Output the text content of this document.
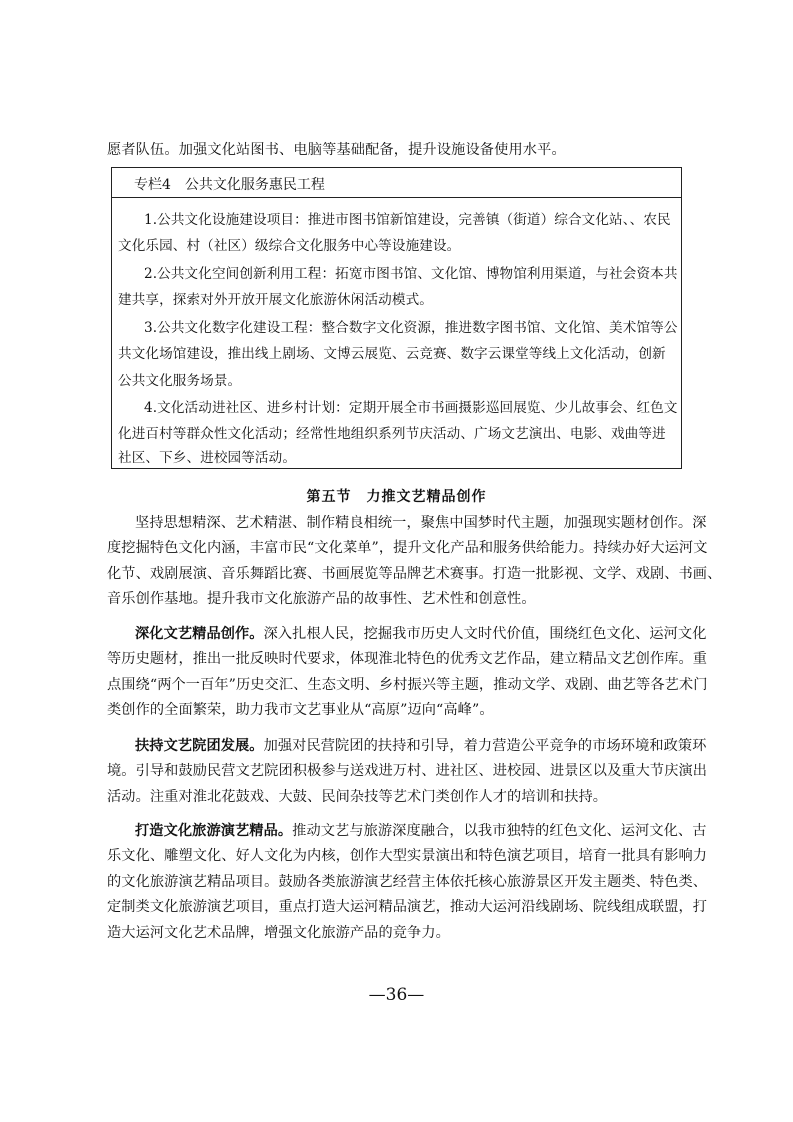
愿者队伍。加强文化站图书、电脑等基础配备，提升设施设备使用水平。
专栏4　公共文化服务惠民工程
1.公共文化设施建设项目：推进市图书馆新馆建设，完善镇（街道）综合文化站、、农民
文化乐园、村（社区）级综合文化服务中心等设施建设。
2.公共文化空间创新利用工程：拓宽市图书馆、文化馆、博物馆利用渠道，与社会资本共
建共享，探索对外开放开展文化旅游休闲活动模式。
3.公共文化数字化建设工程：整合数字文化资源，推进数字图书馆、文化馆、美术馆等公
共文化场馆建设，推出线上剧场、文博云展览、云竞赛、数字云课堂等线上文化活动，创新
公共文化服务场景。
4.文化活动进社区、进乡村计划：定期开展全市书画摄影巡回展览、少儿故事会、红色文
化进百村等群众性文化活动；经常性地组织系列节庆活动、广场文艺演出、电影、戏曲等进
社区、下乡、进校园等活动。
第五节　力推文艺精品创作
坚持思想精深、艺术精湛、制作精良相统一，聚焦中国梦时代主题，加强现实题材创作。深
度挖掘特色文化内涵，丰富市民“文化菜单”，提升文化产品和服务供给能力。持续办好大运河文
化节、戏剧展演、音乐舞蹈比赛、书画展览等品牌艺术赛事。打造一批影视、文学、戏剧、书画、
音乐创作基地。提升我市文化旅游产品的故事性、艺术性和创意性。
深化文艺精品创作。深入扎根人民，挖掘我市历史人文时代价值，围绕红色文化、运河文化
等历史题材，推出一批反映时代要求，体现淮北特色的优秀文艺作品，建立精品文艺创作库。重
点围绕“两个一百年”历史交汇、生态文明、乡村振兴等主题，推动文学、戏剧、曲艺等各艺术门
类创作的全面繁荣，助力我市文艺事业从“高原”迈向“高峰”。
扶持文艺院团发展。加强对民营院团的扶持和引导，着力营造公平竞争的市场环境和政策环
境。引导和鼓励民营文艺院团积极参与送戏进万村、进社区、进校园、进景区以及重大节庆演出
活动。注重对淮北花鼓戏、大鼓、民间杂技等艺术门类创作人才的培训和扶持。
打造文化旅游演艺精品。推动文艺与旅游深度融合，以我市独特的红色文化、运河文化、古
乐文化、雕塑文化、好人文化为内核，创作大型实景演出和特色演艺项目，培育一批具有影响力
的文化旅游演艺精品项目。鼓励各类旅游演艺经营主体依托核心旅游景区开发主题类、特色类、
定制类文化旅游演艺项目，重点打造大运河精品演艺，推动大运河沿线剧场、院线组成联盟，打
造大运河文化艺术品牌，增强文化旅游产品的竞争力。
—36—
